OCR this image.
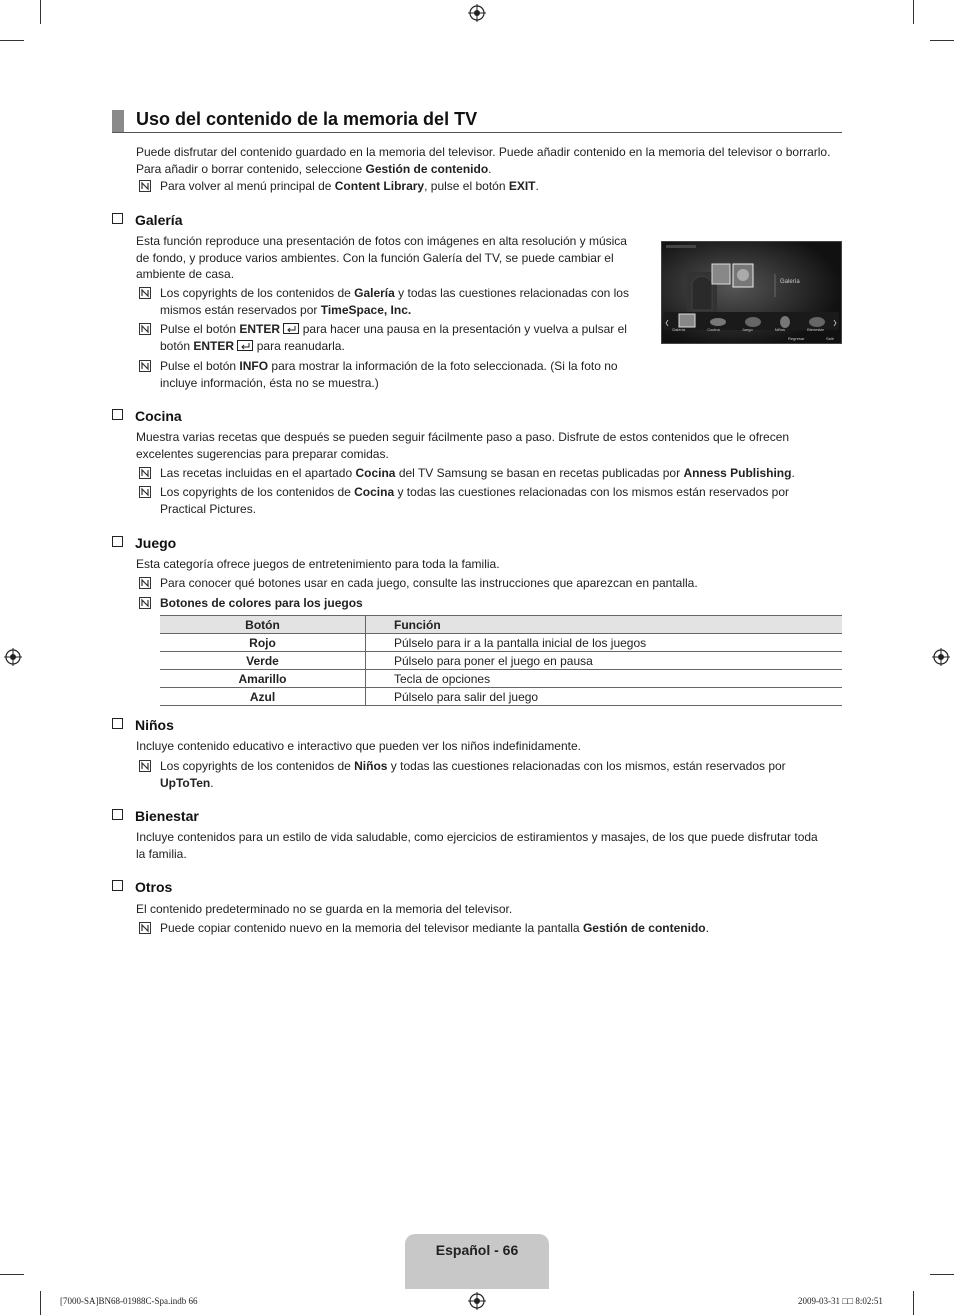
Uso del contenido de la memoria del TV

Puede disfrutar del contenido guardado en la memoria del televisor. Puede añadir contenido en la memoria del televisor o borrarlo.

Para añadir o borrar contenido, seleccione Gestión de contenido.

Para volver al menú principal de Content Library, pulse el botón EXIT.
Galería

Esta función reproduce una presentación de fotos con imágenes en alta resolución y música

de fondo, y produce varios ambientes. Con la función Galería del TV, se puede cambiar el

ambiente de casa.

Los copyrights de los contenidos de Galería y todas las cuestiones relacionadas con los

mismos están reservados por TimeSpace, Inc.

Pulse el botón ENTER  para hacer una pausa en la presentación y vuelva a pulsar el

botón ENTER  para reanudarla.

Pulse el botón INFO para mostrar la información de la foto seleccionada. (Si la foto no

incluye información, ésta no se muestra.)

Galería
Galería	Cocina	Juego	Niños	Bienestar
Regresar	Salir
Cocina

Muestra varias recetas que después se pueden seguir fácilmente paso a paso. Disfrute de estos contenidos que le ofrecen

excelentes sugerencias para preparar comidas.

Las recetas incluidas en el apartado Cocina del TV Samsung se basan en recetas publicadas por Anness Publishing.

Los copyrights de los contenidos de Cocina y todas las cuestiones relacionadas con los mismos están reservados por

Practical Pictures.

Juego

Esta categoría ofrece juegos de entretenimiento para toda la familia.

Para conocer qué botones usar en cada juego, consulte las instrucciones que aparezcan en pantalla.
Botones de colores para los juegos
Botón	Función
Rojo	Púlselo para ir a la pantalla inicial de los juegos
Verde	Púlselo para poner el juego en pausa
Amarillo	Tecla de opciones
Azul	Púlselo para salir del juego
Niños

Incluye contenido educativo e interactivo que pueden ver los niños indefinidamente.

Los copyrights de los contenidos de Niños y todas las cuestiones relacionadas con los mismos, están reservados por

UpToTen.

Bienestar

Incluye contenidos para un estilo de vida saludable, como ejercicios de estiramientos y masajes, de los que puede disfrutar toda

la familia.

Otros

El contenido predeterminado no se guarda en la memoria del televisor.

Puede copiar contenido nuevo en la memoria del televisor mediante la pantalla Gestión de contenido.
Español - 66
[7000-SA]BN68-01988C-Spa.indb 66	2009-03-31 □□ 8:02:51
